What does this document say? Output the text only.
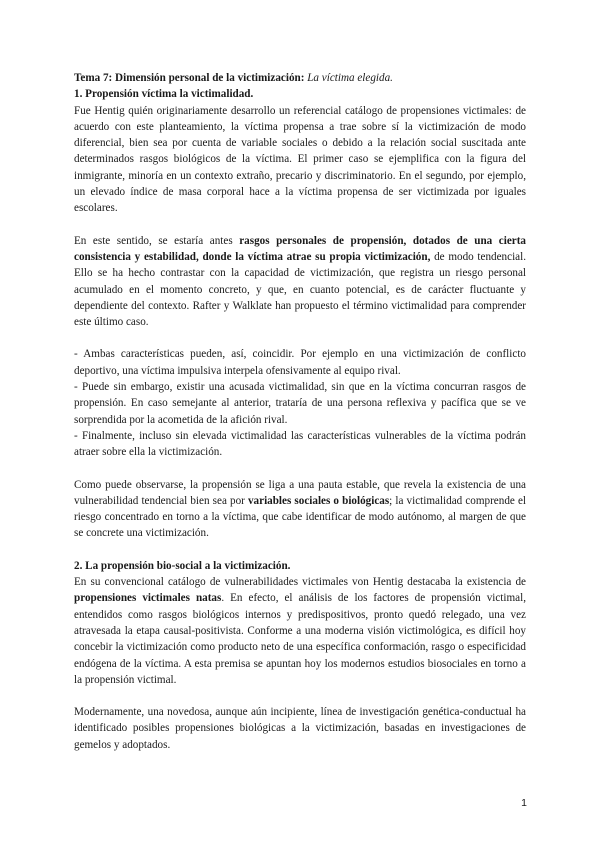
Tema 7: Dimensión personal de la victimización: La víctima elegida.
1. Propensión víctima la victimalidad.

Fue Hentig quién originariamente desarrollo un referencial catálogo de propensiones victimales: de acuerdo con este planteamiento, la víctima propensa a trae sobre sí la victimización de modo diferencial, bien sea por cuenta de variable sociales o debido a la relación social suscitada ante determinados rasgos biológicos de la víctima. El primer caso se ejemplifica con la figura del inmigrante, minoría en un contexto extraño, precario y discriminatorio. En el segundo, por ejemplo, un elevado índice de masa corporal hace a la víctima propensa de ser victimizada por iguales escolares.

En este sentido, se estaría antes rasgos personales de propensión, dotados de una cierta consistencia y estabilidad, donde la víctima atrae su propia victimización, de modo tendencial. Ello se ha hecho contrastar con la capacidad de victimización, que registra un riesgo personal acumulado en el momento concreto, y que, en cuanto potencial, es de carácter fluctuante y dependiente del contexto. Rafter y Walklate han propuesto el término victimalidad para comprender este último caso.

- Ambas características pueden, así, coincidir. Por ejemplo en una victimización de conflicto deportivo, una víctima impulsiva interpela ofensivamente al equipo rival.

- Puede sin embargo, existir una acusada victimalidad, sin que en la víctima concurran rasgos de propensión. En caso semejante al anterior, trataría de una persona reflexiva y pacífica que se ve sorprendida por la acometida de la afición rival.

- Finalmente, incluso sin elevada victimalidad las características vulnerables de la víctima podrán atraer sobre ella la victimización.

Como puede observarse, la propensión se liga a una pauta estable, que revela la existencia de una vulnerabilidad tendencial bien sea por variables sociales o biológicas; la victimalidad comprende el riesgo concentrado en torno a la víctima, que cabe identificar de modo autónomo, al margen de que se concrete una victimización.

2. La propensión bio-social a la victimización.

En su convencional catálogo de vulnerabilidades victimales von Hentig destacaba la existencia de propensiones victimales natas. En efecto, el análisis de los factores de propensión victimal, entendidos como rasgos biológicos internos y predispositivos, pronto quedó relegado, una vez atravesada la etapa causal-positivista. Conforme a una moderna visión victimológica, es difícil hoy concebir la victimización como producto neto de una específica conformación, rasgo o especificidad endógena de la víctima. A esta premisa se apuntan hoy los modernos estudios biosociales en torno a la propensión victimal.

Modernamente, una novedosa, aunque aún incipiente, línea de investigación genética-conductual ha identificado posibles propensiones biológicas a la victimización, basadas en investigaciones de gemelos y adoptados.

1
